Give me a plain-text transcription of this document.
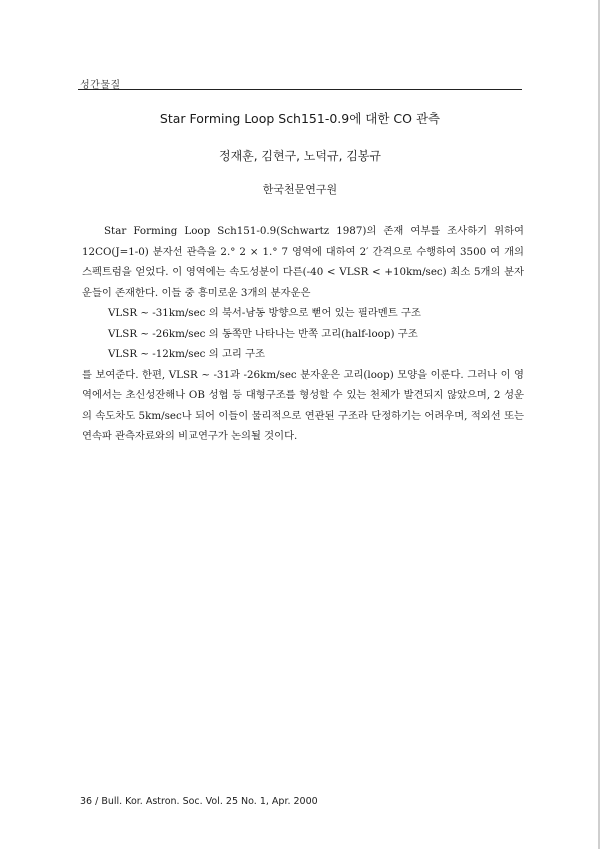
성간물질
Star Forming Loop Sch151-0.9에 대한 CO 관측
정재훈, 김현구, 노덕규, 김봉규
한국천문연구원

Star Forming Loop Sch151-0.9(Schwartz 1987)의 존재 여부를 조사하기 위하여 12CO(J=1-0) 분자선 관측을 2.° 2 × 1.° 7 영역에 대하여 2′ 간격으로 수행하여 3500 여 개의 스펙트럼을 얻었다. 이 영역에는 속도성분이 다른(-40 < VLSR < +10km/sec) 최소 5개의 분자운들이 존재한다. 이들 중 흥미로운 3개의 분자운은

VLSR ~ -31km/sec 의 북서-남동 방향으로 뻗어 있는 필라멘트 구조

VLSR ~ -26km/sec 의 동쪽만 나타나는 반쪽 고리(half-loop) 구조

VLSR ~ -12km/sec 의 고리 구조

를 보여준다. 한편, VLSR ~ -31과 -26km/sec 분자운은 고리(loop) 모양을 이룬다. 그러나 이 영역에서는 초신성잔해나 OB 성협 등 대형구조를 형성할 수 있는 천체가 발견되지 않았으며, 2 성운의 속도차도 5km/sec나 되어 이들이 물리적으로 연관된 구조라 단정하기는 어려우며, 적외선 또는 연속파 관측자료와의 비교연구가 논의될 것이다.

36 / Bull. Kor. Astron. Soc. Vol. 25 No. 1, Apr. 2000
